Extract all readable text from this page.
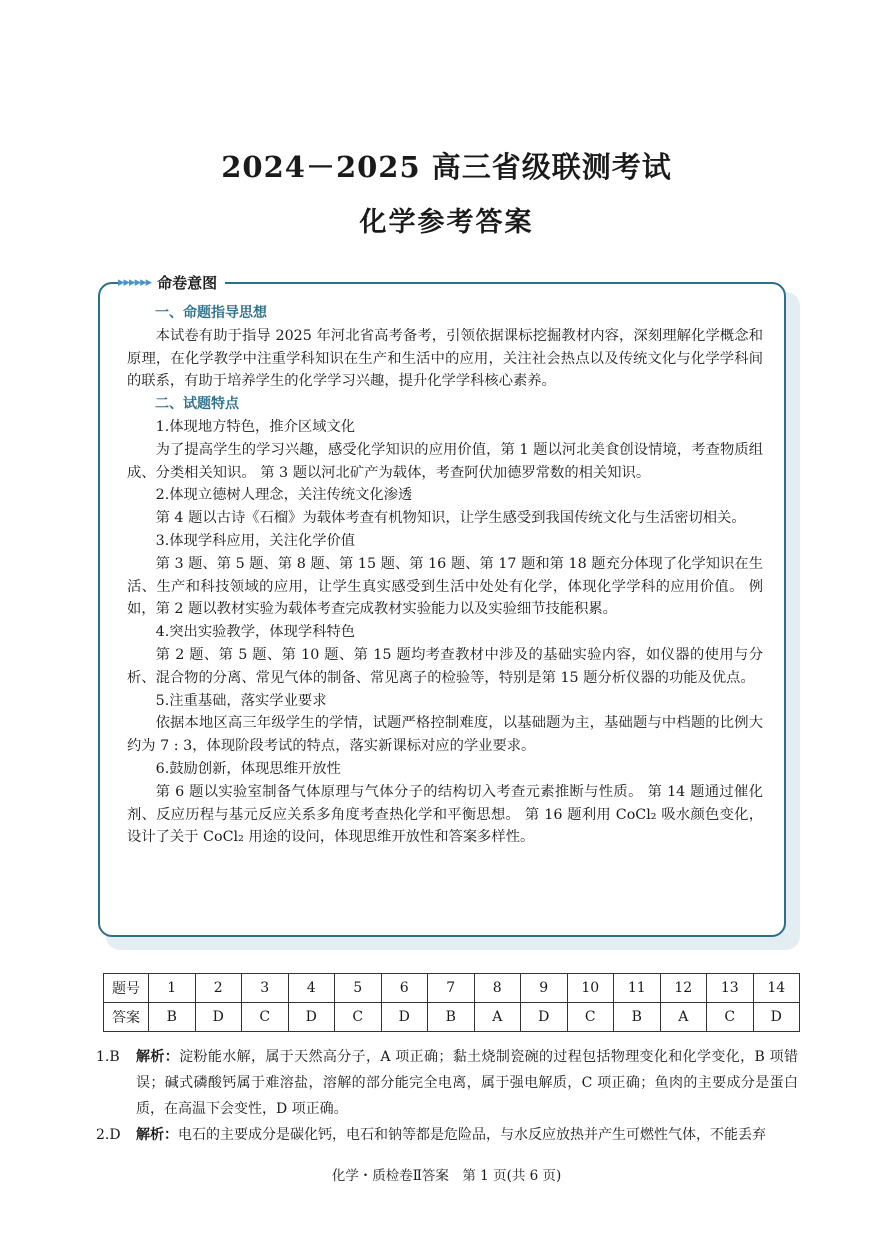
2024－2025 高三省级联测考试
化学参考答案
▸▸▸▸▸▸ 命卷意图

一、命题指导思想

本试卷有助于指导 2025 年河北省高考备考，引领依据课标挖掘教材内容，深刻理解化学概念和原理，在化学教学中注重学科知识在生产和生活中的应用，关注社会热点以及传统文化与化学学科间的联系，有助于培养学生的化学学习兴趣，提升化学学科核心素养。

二、试题特点

1.体现地方特色，推介区域文化

为了提高学生的学习兴趣，感受化学知识的应用价值，第 1 题以河北美食创设情境，考查物质组成、分类相关知识。 第 3 题以河北矿产为载体，考查阿伏加德罗常数的相关知识。

2.体现立德树人理念，关注传统文化渗透

第 4 题以古诗《石榴》为载体考查有机物知识，让学生感受到我国传统文化与生活密切相关。

3.体现学科应用，关注化学价值

第 3 题、第 5 题、第 8 题、第 15 题、第 16 题、第 17 题和第 18 题充分体现了化学知识在生活、生产和科技领域的应用，让学生真实感受到生活中处处有化学，体现化学学科的应用价值。 例如，第 2 题以教材实验为载体考查完成教材实验能力以及实验细节技能积累。

4.突出实验教学，体现学科特色

第 2 题、第 5 题、第 10 题、第 15 题均考查教材中涉及的基础实验内容，如仪器的使用与分析、混合物的分离、常见气体的制备、常见离子的检验等，特别是第 15 题分析仪器的功能及优点。

5.注重基础，落实学业要求

依据本地区高三年级学生的学情，试题严格控制难度，以基础题为主，基础题与中档题的比例大约为 7 : 3，体现阶段考试的特点，落实新课标对应的学业要求。

6.鼓励创新，体现思维开放性

第 6 题以实验室制备气体原理与气体分子的结构切入考查元素推断与性质。 第 14 题通过催化剂、反应历程与基元反应关系多角度考查热化学和平衡思想。 第 16 题利用 CoCl₂ 吸水颜色变化，设计了关于 CoCl₂ 用途的设问，体现思维开放性和答案多样性。

题号	1	2	3	4	5	6	7	8	9	10	11	12	13	14
答案	B	D	C	D	C	D	B	A	D	C	B	A	C	D
1.B	解析：淀粉能水解，属于天然高分子，A 项正确；黏土烧制瓷碗的过程包括物理变化和化学变化，B 项错误；碱式磷酸钙属于难溶盐，溶解的部分能完全电离，属于强电解质，C 项正确；鱼肉的主要成分是蛋白质，在高温下会变性，D 项正确。
2.D	解析：电石的主要成分是碳化钙，电石和钠等都是危险品，与水反应放热并产生可燃性气体，不能丢弃
化学・质检卷Ⅱ答案　第 1 页(共 6 页)
